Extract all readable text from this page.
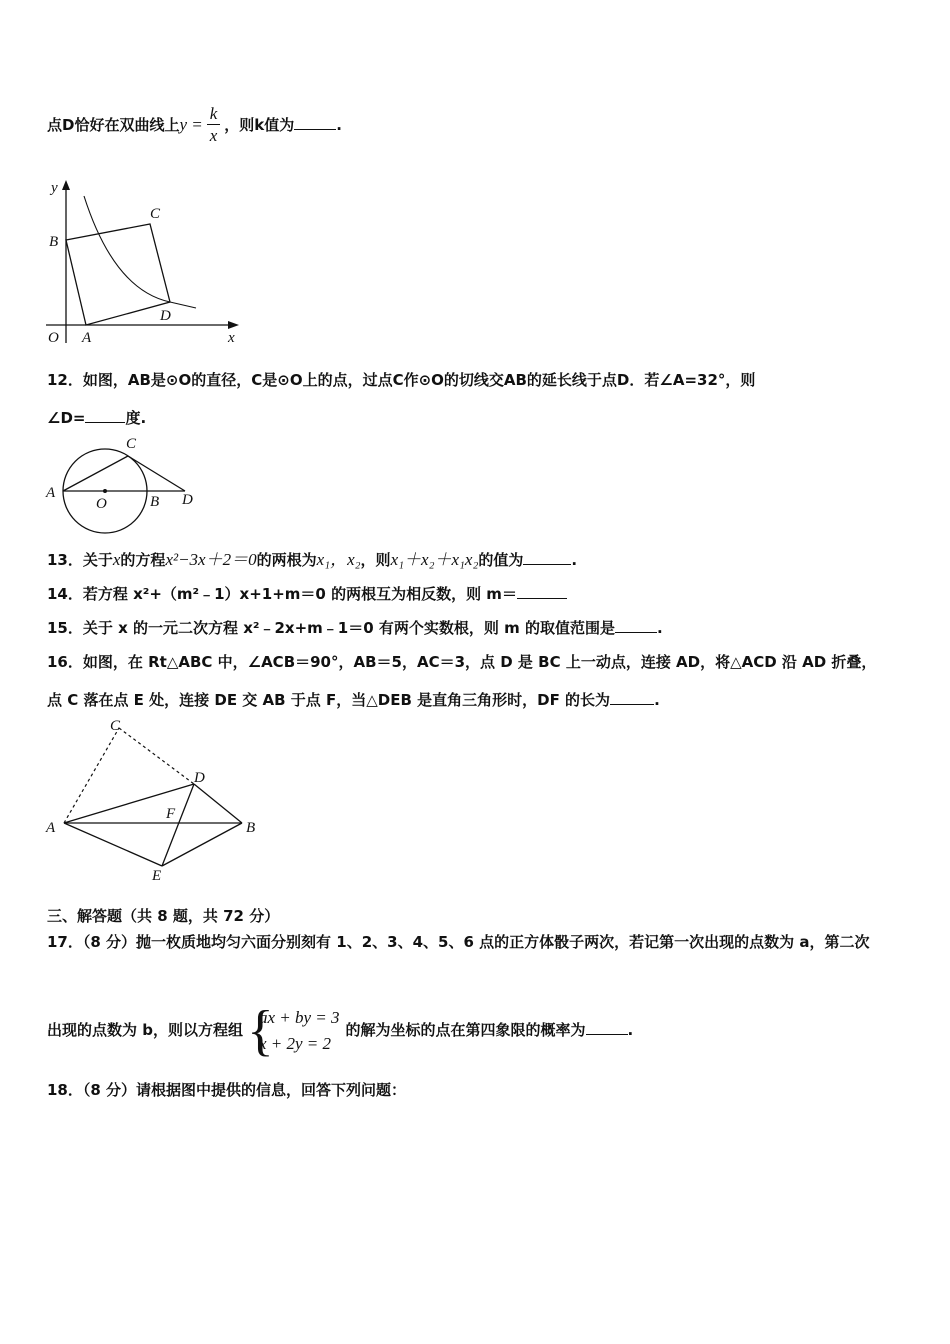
点D恰好在双曲线上$y = \frac{k}{x}$ ，则k值为	.
y
B
C
O A
D
x
12．如图，AB是⊙O的直径，C是⊙O上的点，过点C作⊙O的切线交AB的延长线于点D．若∠A=32°，则
∠D=	度.
C
A
O	B D
13．关于x的方程x²−3x＋2＝0的两根为x₁，x₂，则x₁＋x₂＋x₁x₂的值为	.
14．若方程 x²+（m²﹣1）x+1+m＝0 的两根互为相反数，则 m＝
15．关于 x 的一元二次方程 x²﹣2x+m﹣1＝0 有两个实数根，则 m 的取值范围是	.
16．如图，在 Rt△ABC 中，∠ACB＝90°，AB＝5，AC＝3，点 D 是 BC 上一动点，连接 AD，将△ACD 沿 AD 折叠，
点 C 落在点 E 处，连接 DE 交 AB 于点 F，当△DEB 是直角三角形时，DF 的长为	.
C
D
A
F
B
E
三、解答题（共 8 题，共 72 分）
17．（8 分）抛一枚质地均匀六面分别刻有 1、2、3、4、5、6 点的正方体骰子两次，若记第一次出现的点数为 a，第二次
出现的点数为 b，则以方程组 {
ax + by = 3
x + 2y = 2
的解为坐标的点在第四象限的概率为	.
18．（8 分）请根据图中提供的信息，回答下列问题：
